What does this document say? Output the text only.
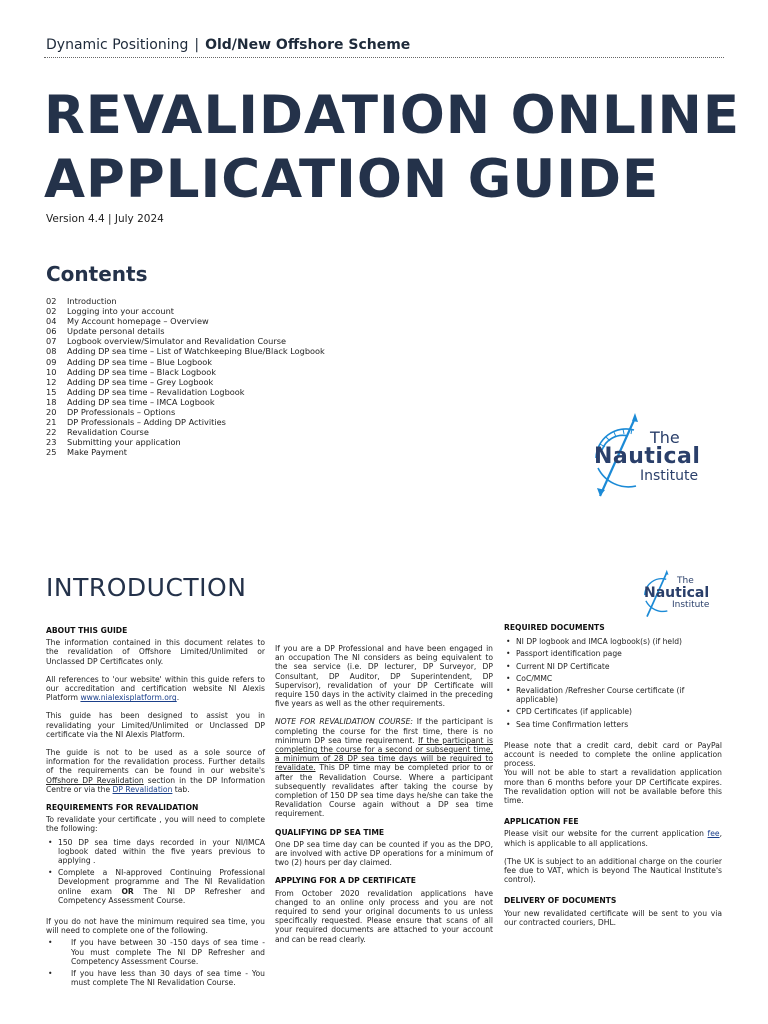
Dynamic Positioning | Old/New Offshore Scheme
REVALIDATION ONLINE
APPLICATION GUIDE
Version 4.4 | July 2024
Contents
02	Introduction
02	Logging into your account
04	My Account homepage – Overview
06	Update personal details
07	Logbook overview/Simulator and Revalidation Course
08	Adding DP sea time – List of Watchkeeping Blue/Black Logbook
09	Adding DP sea time – Blue Logbook
10	Adding DP sea time – Black Logbook
12	Adding DP sea time – Grey Logbook
15	Adding DP sea time – Revalidation Logbook
18	Adding DP sea time – IMCA Logbook
20	DP Professionals – Options
21	DP Professionals – Adding DP Activities
22	Revalidation Course
23	Submitting your application
25	Make Payment
The
Nautical
Institute
INTRODUCTION	The
Nautical
Institute
ABOUT THIS GUIDE

The information contained in this document relates to the revalidation of Offshore Limited/Unlimited or Unclassed DP Certificates only.

All references to 'our website' within this guide refers to our accreditation and certification website NI Alexis Platform www.nialexisplatform.org.

This guide has been designed to assist you in revalidating your Limited/Unlimited or Unclassed DP certificate via the NI Alexis Platform.

The guide is not to be used as a sole source of information for the revalidation process. Further details of the requirements can be found in our website's Offshore DP Revalidation section in the DP Information Centre or via the DP Revalidation tab.

REQUIREMENTS FOR REVALIDATION

To revalidate your certificate , you will need to complete the following:

• 150 DP sea time days recorded in your NI/IMCA logbook dated within the five years previous to applying .
• Complete a NI-approved Continuing Professional Development programme and The NI Revalidation online exam OR The NI DP Refresher and Competency Assessment Course.

If you do not have the minimum required sea time, you will need to complete one of the following.

• If you have between 30 -150 days of sea time - You must complete The NI DP Refresher and Competency Assessment Course.
• If you have less than 30 days of sea time - You must complete The NI Revalidation Course.

If you are a DP Professional and have been engaged in an occupation The NI considers as being equivalent to the sea service (i.e. DP lecturer, DP Surveyor, DP Consultant, DP Auditor, DP Superintendent, DP Supervisor), revalidation of your DP Certificate will require 150 days in the activity claimed in the preceding five years as well as the other requirements.

NOTE FOR REVALIDATION COURSE: If the participant is completing the course for the first time, there is no minimum DP sea time requirement. If the participant is completing the course for a second or subsequent time, a minimum of 28 DP sea time days will be required to revalidate. This DP time may be completed prior to or after the Revalidation Course. Where a participant subsequently revalidates after taking the course by completion of 150 DP sea time days he/she can take the Revalidation Course again without a DP sea time requirement.

QUALIFYING DP SEA TIME

One DP sea time day can be counted if you as the DPO, are involved with active DP operations for a minimum of two (2) hours per day claimed.

APPLYING FOR A DP CERTIFICATE

From October 2020 revalidation applications have changed to an online only process and you are not required to send your original documents to us unless specifically requested. Please ensure that scans of all your required documents are attached to your account and can be read clearly.

REQUIRED DOCUMENTS
• NI DP logbook and IMCA logbook(s) (if held)
• Passport identification page
• Current NI DP Certificate
• CoC/MMC
• Revalidation /Refresher Course certificate (if applicable)
• CPD Certificates (if applicable)
• Sea time Confirmation letters

Please note that a credit card, debit card or PayPal account is needed to complete the online application process.

You will not be able to start a revalidation application more than 6 months before your DP Certificate expires. The revalidation option will not be available before this time.

APPLICATION FEE

Please visit our website for the current application fee, which is applicable to all applications.

(The UK is subject to an additional charge on the courier fee due to VAT, which is beyond The Nautical Institute's control).

DELIVERY OF DOCUMENTS

Your new revalidated certificate will be sent to you via our contracted couriers, DHL.
